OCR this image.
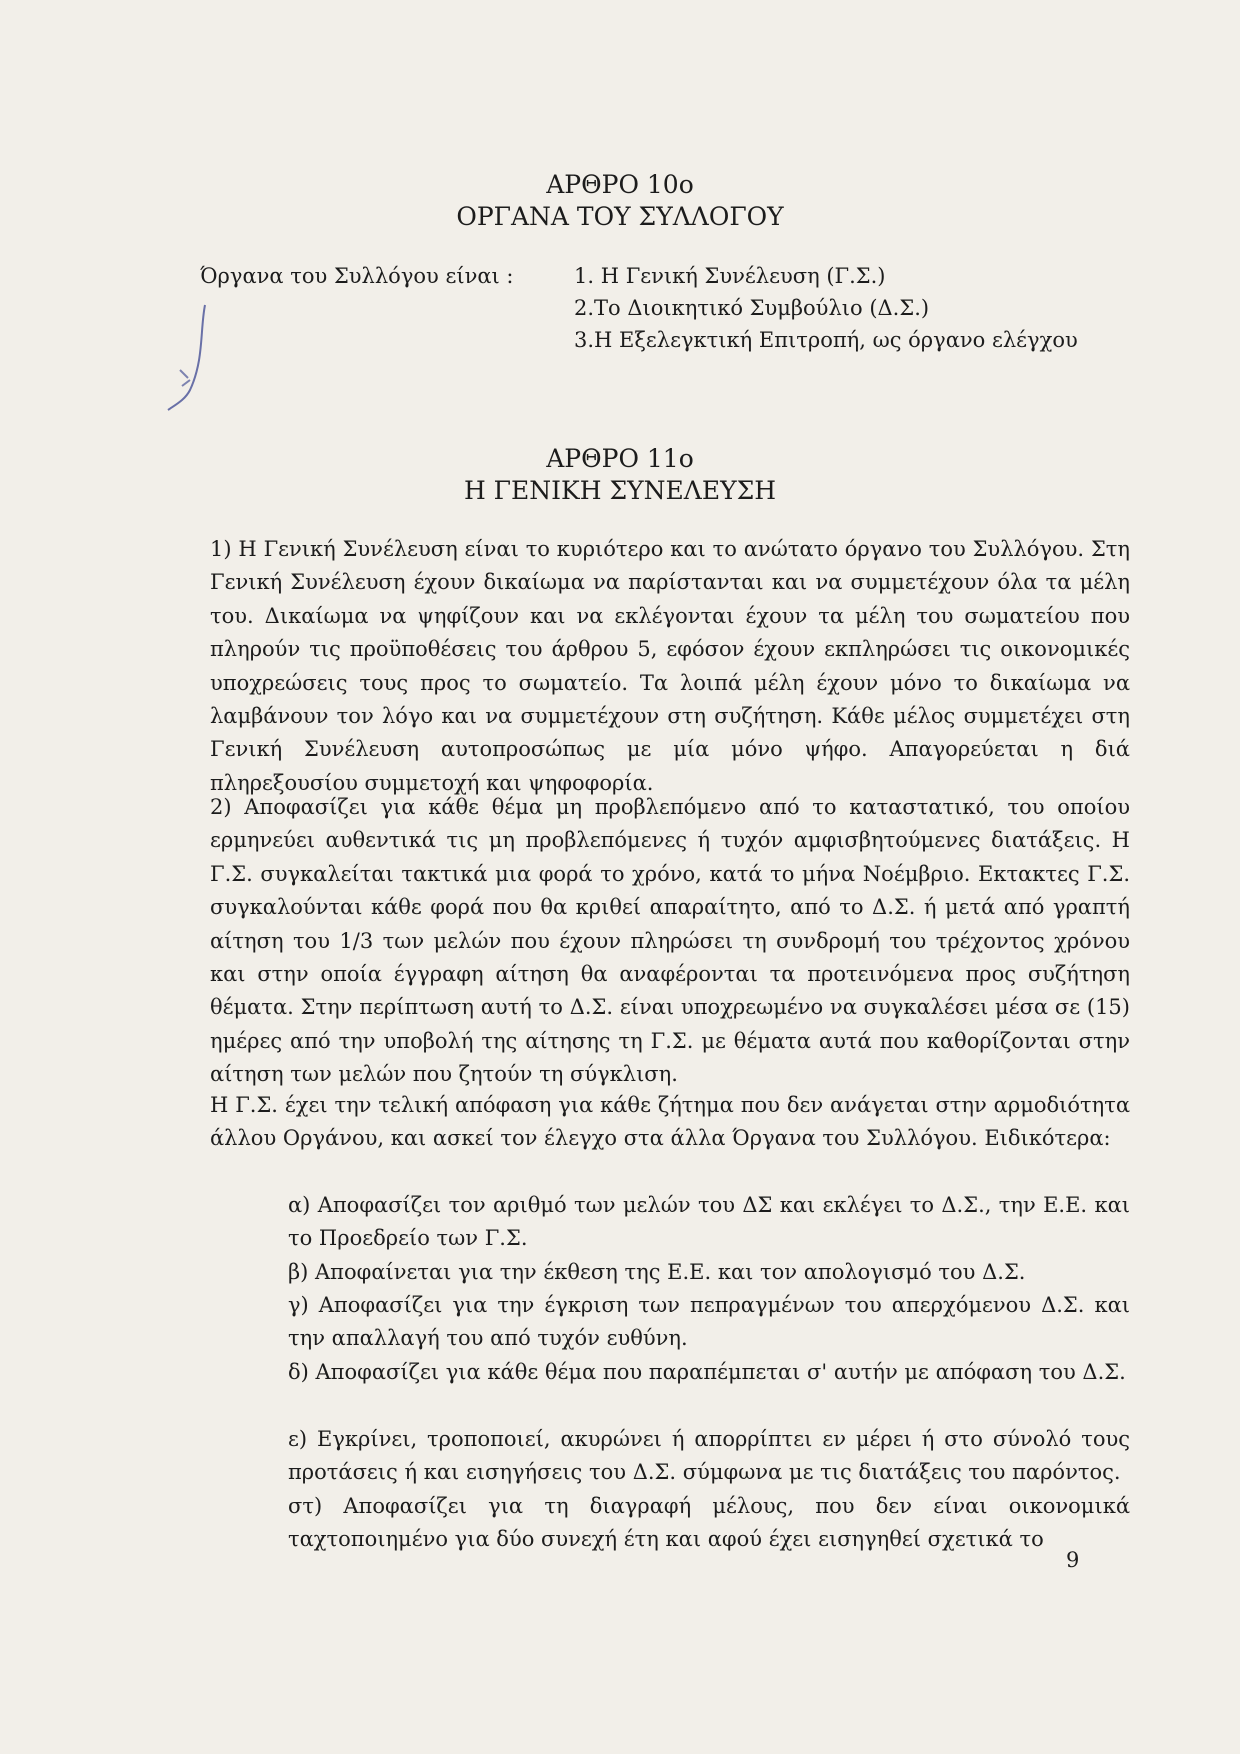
ΑΡΘΡΟ 10ο
ΟΡΓΑΝΑ ΤΟΥ ΣΥΛΛΟΓΟΥ
Όργανα του Συλλόγου είναι :	1. Η Γενική Συνέλευση (Γ.Σ.)
2.Το Διοικητικό Συμβούλιο (Δ.Σ.)
3.Η Εξελεγκτική Επιτροπή, ως όργανο ελέγχου
ΑΡΘΡΟ 11ο
Η ΓΕΝΙΚΗ ΣΥΝΕΛΕΥΣΗ

1) Η Γενική Συνέλευση είναι το κυριότερο και το ανώτατο όργανο του Συλλόγου. Στη Γενική Συνέλευση έχουν δικαίωμα να παρίστανται και να συμμετέχουν όλα τα μέλη του. Δικαίωμα να ψηφίζουν και να εκλέγονται έχουν τα μέλη του σωματείου που πληρούν τις προϋποθέσεις του άρθρου 5, εφόσον έχουν εκπληρώσει τις οικονομικές υποχρεώσεις τους προς το σωματείο. Τα λοιπά μέλη έχουν μόνο το δικαίωμα να λαμβάνουν τον λόγο και να συμμετέχουν στη συζήτηση. Κάθε μέλος συμμετέχει στη Γενική Συνέλευση αυτοπροσώπως με μία μόνο ψήφο. Απαγορεύεται η διά πληρεξουσίου συμμετοχή και ψηφοφορία.

2) Αποφασίζει για κάθε θέμα μη προβλεπόμενο από το καταστατικό, του οποίου ερμηνεύει αυθεντικά τις μη προβλεπόμενες ή τυχόν αμφισβητούμενες διατάξεις. Η Γ.Σ. συγκαλείται τακτικά μια φορά το χρόνο, κατά το μήνα Νοέμβριο. Εκτακτες Γ.Σ. συγκαλούνται κάθε φορά που θα κριθεί απαραίτητο, από το Δ.Σ. ή μετά από γραπτή αίτηση του 1/3 των μελών που έχουν πληρώσει τη συνδρομή του τρέχοντος χρόνου και στην οποία έγγραφη αίτηση θα αναφέρονται τα προτεινόμενα προς συζήτηση θέματα. Στην περίπτωση αυτή το Δ.Σ. είναι υποχρεωμένο να συγκαλέσει μέσα σε (15) ημέρες από την υποβολή της αίτησης τη Γ.Σ. με θέματα αυτά που καθορίζονται στην αίτηση των μελών που ζητούν τη σύγκλιση.

Η Γ.Σ. έχει την τελική απόφαση για κάθε ζήτημα που δεν ανάγεται στην αρμοδιότητα άλλου Οργάνου, και ασκεί τον έλεγχο στα άλλα Όργανα του Συλλόγου. Ειδικότερα:

α) Αποφασίζει τον αριθμό των μελών του ΔΣ και εκλέγει το Δ.Σ., την Ε.Ε. και το Προεδρείο των Γ.Σ.
β) Αποφαίνεται για την έκθεση της Ε.Ε. και τον απολογισμό του Δ.Σ.
γ) Αποφασίζει για την έγκριση των πεπραγμένων του απερχόμενου Δ.Σ. και την απαλλαγή του από τυχόν ευθύνη.
δ) Αποφασίζει για κάθε θέμα που παραπέμπεται σ' αυτήν με απόφαση του Δ.Σ.
ε) Εγκρίνει, τροποποιεί, ακυρώνει ή απορρίπτει εν μέρει ή στο σύνολό τους προτάσεις ή και εισηγήσεις του Δ.Σ. σύμφωνα με τις διατάξεις του παρόντος.
στ) Αποφασίζει για τη διαγραφή μέλους, που δεν είναι οικονομικά ταχτοποιημένο για δύο συνεχή έτη και αφού έχει εισηγηθεί σχετικά το
9
